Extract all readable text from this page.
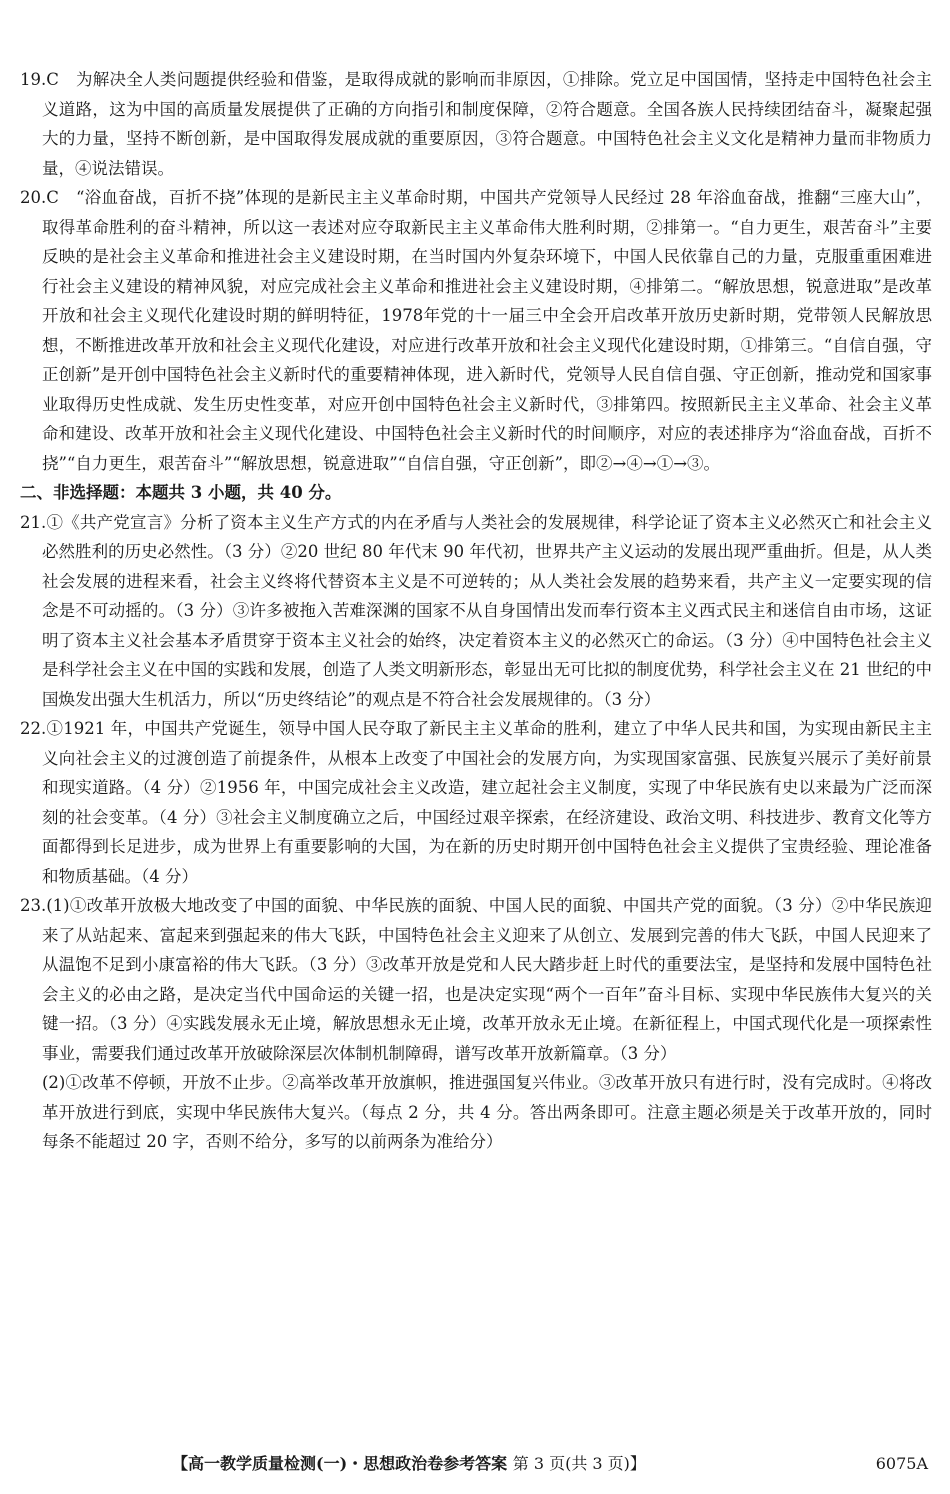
19.C　为解决全人类问题提供经验和借鉴，是取得成就的影响而非原因，①排除。党立足中国国情，坚持走中国特色社会主义道路，这为中国的高质量发展提供了正确的方向指引和制度保障，②符合题意。全国各族人民持续团结奋斗，凝聚起强大的力量，坚持不断创新，是中国取得发展成就的重要原因，③符合题意。中国特色社会主义文化是精神力量而非物质力量，④说法错误。

20.C　“浴血奋战，百折不挠”体现的是新民主主义革命时期，中国共产党领导人民经过 28 年浴血奋战，推翻“三座大山”，取得革命胜利的奋斗精神，所以这一表述对应夺取新民主主义革命伟大胜利时期，②排第一。“自力更生，艰苦奋斗”主要反映的是社会主义革命和推进社会主义建设时期，在当时国内外复杂环境下，中国人民依靠自己的力量，克服重重困难进行社会主义建设的精神风貌，对应完成社会主义革命和推进社会主义建设时期，④排第二。“解放思想，锐意进取”是改革开放和社会主义现代化建设时期的鲜明特征，1978年党的十一届三中全会开启改革开放历史新时期，党带领人民解放思想，不断推进改革开放和社会主义现代化建设，对应进行改革开放和社会主义现代化建设时期，①排第三。“自信自强，守正创新”是开创中国特色社会主义新时代的重要精神体现，进入新时代，党领导人民自信自强、守正创新，推动党和国家事业取得历史性成就、发生历史性变革，对应开创中国特色社会主义新时代，③排第四。按照新民主主义革命、社会主义革命和建设、改革开放和社会主义现代化建设、中国特色社会主义新时代的时间顺序，对应的表述排序为“浴血奋战，百折不挠”“自力更生，艰苦奋斗”“解放思想，锐意进取”“自信自强，守正创新”，即②→④→①→③。

二、非选择题：本题共 3 小题，共 40 分。

21.①《共产党宣言》分析了资本主义生产方式的内在矛盾与人类社会的发展规律，科学论证了资本主义必然灭亡和社会主义必然胜利的历史必然性。（3 分）②20 世纪 80 年代末 90 年代初，世界共产主义运动的发展出现严重曲折。但是，从人类社会发展的进程来看，社会主义终将代替资本主义是不可逆转的；从人类社会发展的趋势来看，共产主义一定要实现的信念是不可动摇的。（3 分）③许多被拖入苦难深渊的国家不从自身国情出发而奉行资本主义西式民主和迷信自由市场，这证明了资本主义社会基本矛盾贯穿于资本主义社会的始终，决定着资本主义的必然灭亡的命运。（3 分）④中国特色社会主义是科学社会主义在中国的实践和发展，创造了人类文明新形态，彰显出无可比拟的制度优势，科学社会主义在 21 世纪的中国焕发出强大生机活力，所以“历史终结论”的观点是不符合社会发展规律的。（3 分）

22.①1921 年，中国共产党诞生，领导中国人民夺取了新民主主义革命的胜利，建立了中华人民共和国，为实现由新民主主义向社会主义的过渡创造了前提条件，从根本上改变了中国社会的发展方向，为实现国家富强、民族复兴展示了美好前景和现实道路。（4 分）②1956 年，中国完成社会主义改造，建立起社会主义制度，实现了中华民族有史以来最为广泛而深刻的社会变革。（4 分）③社会主义制度确立之后，中国经过艰辛探索，在经济建设、政治文明、科技进步、教育文化等方面都得到长足进步，成为世界上有重要影响的大国，为在新的历史时期开创中国特色社会主义提供了宝贵经验、理论准备和物质基础。（4 分）

23.(1)①改革开放极大地改变了中国的面貌、中华民族的面貌、中国人民的面貌、中国共产党的面貌。（3 分）②中华民族迎来了从站起来、富起来到强起来的伟大飞跃，中国特色社会主义迎来了从创立、发展到完善的伟大飞跃，中国人民迎来了从温饱不足到小康富裕的伟大飞跃。（3 分）③改革开放是党和人民大踏步赶上时代的重要法宝，是坚持和发展中国特色社会主义的必由之路，是决定当代中国命运的关键一招，也是决定实现“两个一百年”奋斗目标、实现中华民族伟大复兴的关键一招。（3 分）④实践发展永无止境，解放思想永无止境，改革开放永无止境。在新征程上，中国式现代化是一项探索性事业，需要我们通过改革开放破除深层次体制机制障碍，谱写改革开放新篇章。（3 分）

(2)①改革不停顿，开放不止步。②高举改革开放旗帜，推进强国复兴伟业。③改革开放只有进行时，没有完成时。④将改革开放进行到底，实现中华民族伟大复兴。（每点 2 分，共 4 分。答出两条即可。注意主题必须是关于改革开放的，同时每条不能超过 20 字，否则不给分，多写的以前两条为准给分）

【高一教学质量检测(一)・思想政治卷参考答案 第 3 页(共 3 页)】	6075A
